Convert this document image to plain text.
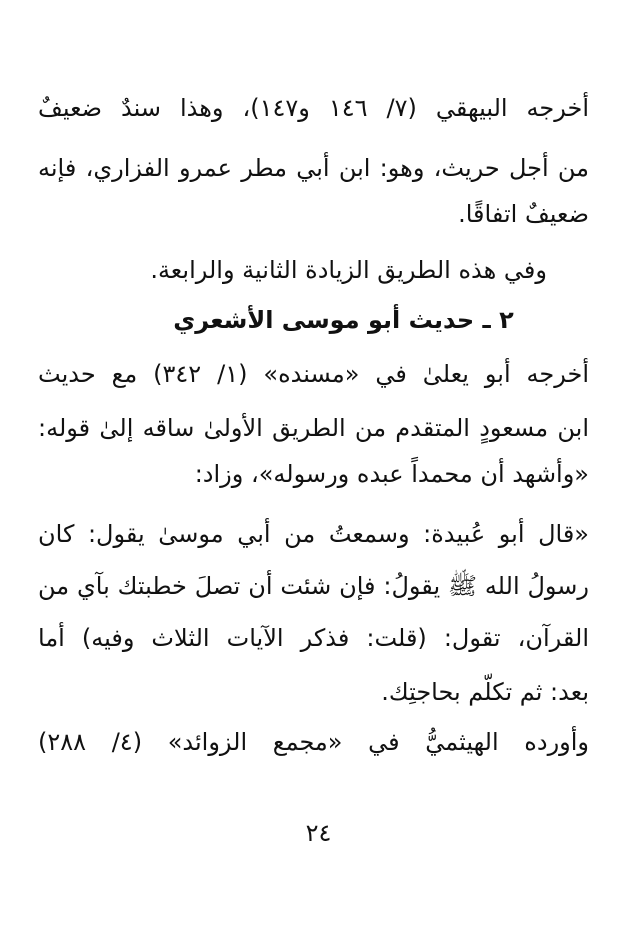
أخرجه البيهقي (٧/ ١٤٦ و١٤٧)، وهذا سندٌ ضعيفٌ
من أجل حريث، وهو: ابن أبي مطر عمرو الفزاري، فإنه
ضعيفٌ اتفاقًا.
وفي هذه الطريق الزيادة الثانية والرابعة.
٢ ـ حديث أبو موسى الأشعري
أخرجه أبو يعلىٰ في «مسنده» (١/ ٣٤٢) مع حديث
ابن مسعودٍ المتقدم من الطريق الأولىٰ ساقه إلىٰ قوله:
«وأشهد أن محمداً عبده ورسوله»، وزاد:
«قال أبو عُبيدة: وسمعتُ من أبي موسىٰ يقول: كان
رسولُ الله ﷺ يقولُ: فإن شئت أن تصلَ خطبتك بآي من
القرآن، تقول: (قلت: فذكر الآيات الثلاث وفيه) أما
بعد: ثم تكلّم بحاجتِك.
وأورده الهيثميُّ في «مجمع الزوائد» (٤/ ٢٨٨)
٢٤
